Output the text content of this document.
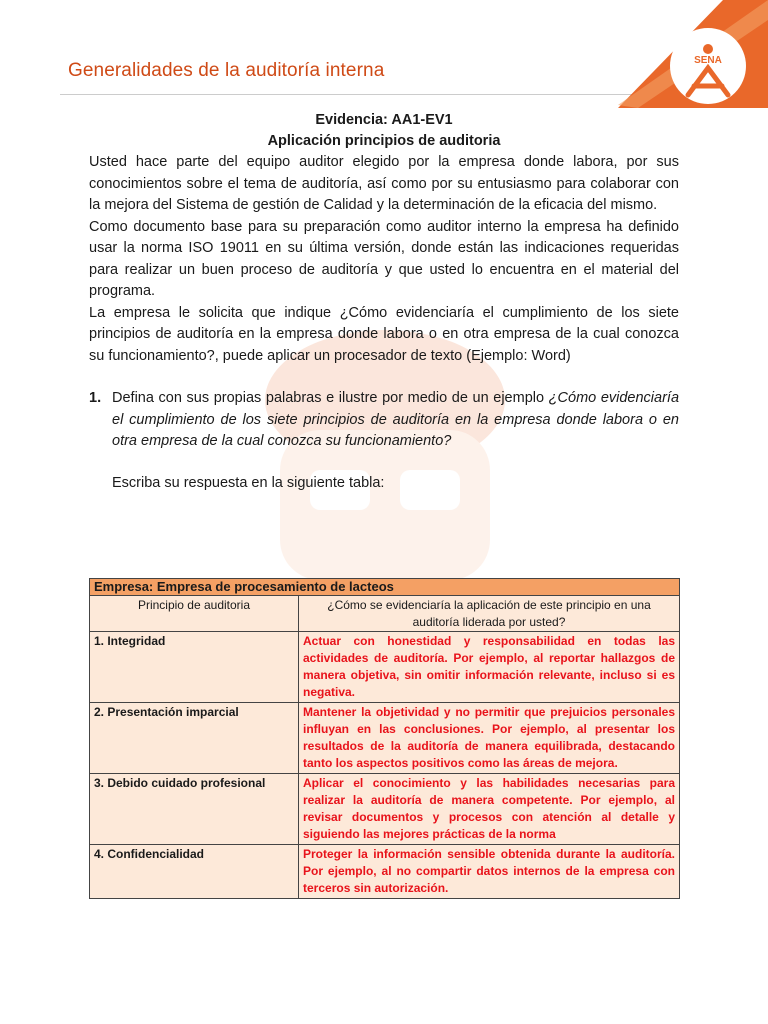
Generalidades de la auditoría interna	SENA
Evidencia: AA1-EV1
Aplicación principios de auditoria

Usted hace parte del equipo auditor elegido por la empresa donde labora, por sus conocimientos sobre el tema de auditoría, así como por su entusiasmo para colaborar con la mejora del Sistema de gestión de Calidad y la determinación de la eficacia del mismo.

Como documento base para su preparación como auditor interno la empresa ha definido usar la norma ISO 19011 en su última versión, donde están las indicaciones requeridas para realizar un buen proceso de auditoría y que usted lo encuentra en el material del programa.

La empresa le solicita que indique ¿Cómo evidenciaría el cumplimiento de los siete principios de auditoría en la empresa donde labora o en otra empresa de la cual conozca su funcionamiento?, puede aplicar un procesador de texto (Ejemplo: Word)

1. Defina con sus propias palabras e ilustre por medio de un ejemplo ¿Cómo evidenciaría el cumplimiento de los siete principios de auditoría en la empresa donde labora o en otra empresa de la cual conozca su funcionamiento?
Escriba su respuesta en la siguiente tabla:
Empresa: Empresa de procesamiento de lacteos	
Principio de auditoria	¿Cómo se evidenciaría la aplicación de este principio en una auditoría liderada por usted?
1. Integridad	Actuar con honestidad y responsabilidad en todas las actividades de auditoría. Por ejemplo, al reportar hallazgos de manera objetiva, sin omitir información relevante, incluso si es negativa.
2. Presentación imparcial	Mantener la objetividad y no permitir que prejuicios personales influyan en las conclusiones. Por ejemplo, al presentar los resultados de la auditoría de manera equilibrada, destacando tanto los aspectos positivos como las áreas de mejora.
3. Debido cuidado profesional	Aplicar el conocimiento y las habilidades necesarias para realizar la auditoría de manera competente. Por ejemplo, al revisar documentos y procesos con atención al detalle y siguiendo las mejores prácticas de la norma
4. Confidencialidad	Proteger la información sensible obtenida durante la auditoría. Por ejemplo, al no compartir datos internos de la empresa con terceros sin autorización.
